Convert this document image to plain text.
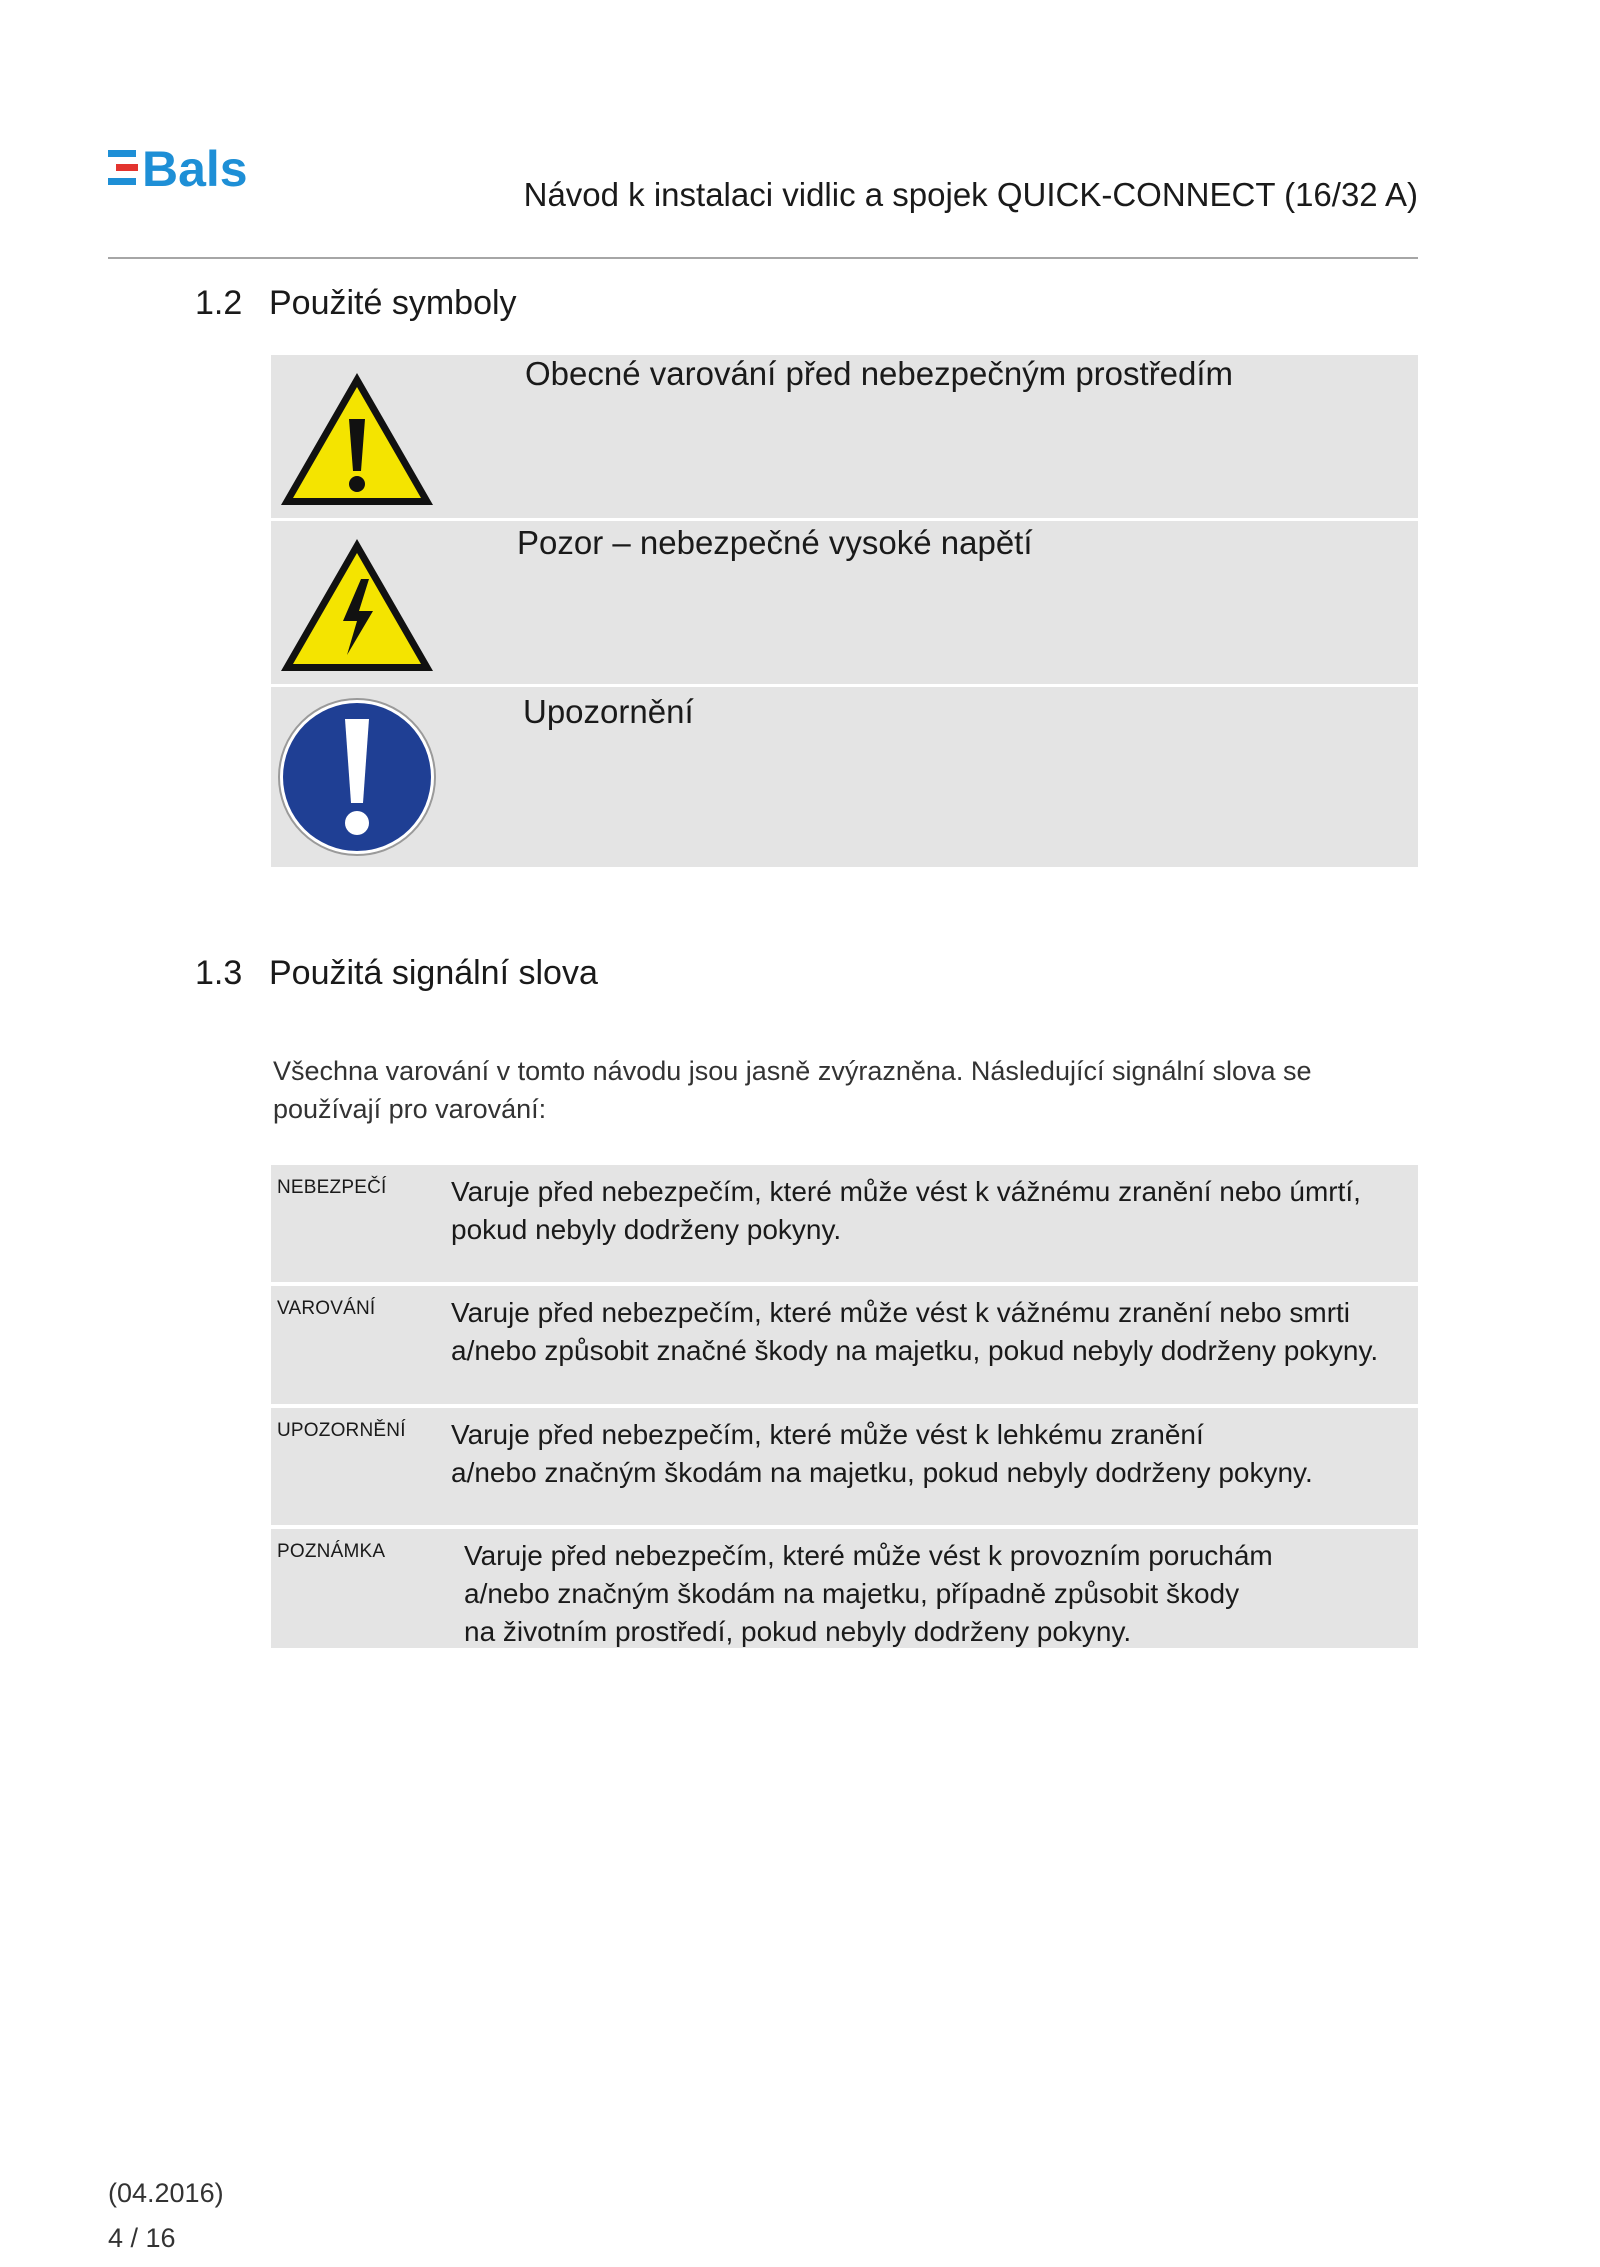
Bals	Návod k instalaci vidlic a spojek QUICK-CONNECT (16/32 A)
1.2 Použité symboly
Obecné varování před nebezpečným prostředím
Pozor – nebezpečné vysoké napětí
Upozornění
1.3 Použitá signální slova
Všechna varování v tomto návodu jsou jasně zvýrazněna. Následující signální slova se
používají pro varování:
NEBEZPEČÍ Varuje před nebezpečím, které může vést k vážnému zranění nebo úmrtí,
pokud nebyly dodrženy pokyny.
VAROVÁNÍ	Varuje před nebezpečím, které může vést k vážnému zranění nebo smrti
a/nebo způsobit značné škody na majetku, pokud nebyly dodrženy pokyny.
UPOZORNĚNÍ Varuje před nebezpečím, které může vést k lehkému zranění
a/nebo značným škodám na majetku, pokud nebyly dodrženy pokyny.
POZNÁMKA	Varuje před nebezpečím, které může vést k provozním poruchám
a/nebo značným škodám na majetku, případně způsobit škody
na životním prostředí, pokud nebyly dodrženy pokyny.
(04.2016)
4 / 16
